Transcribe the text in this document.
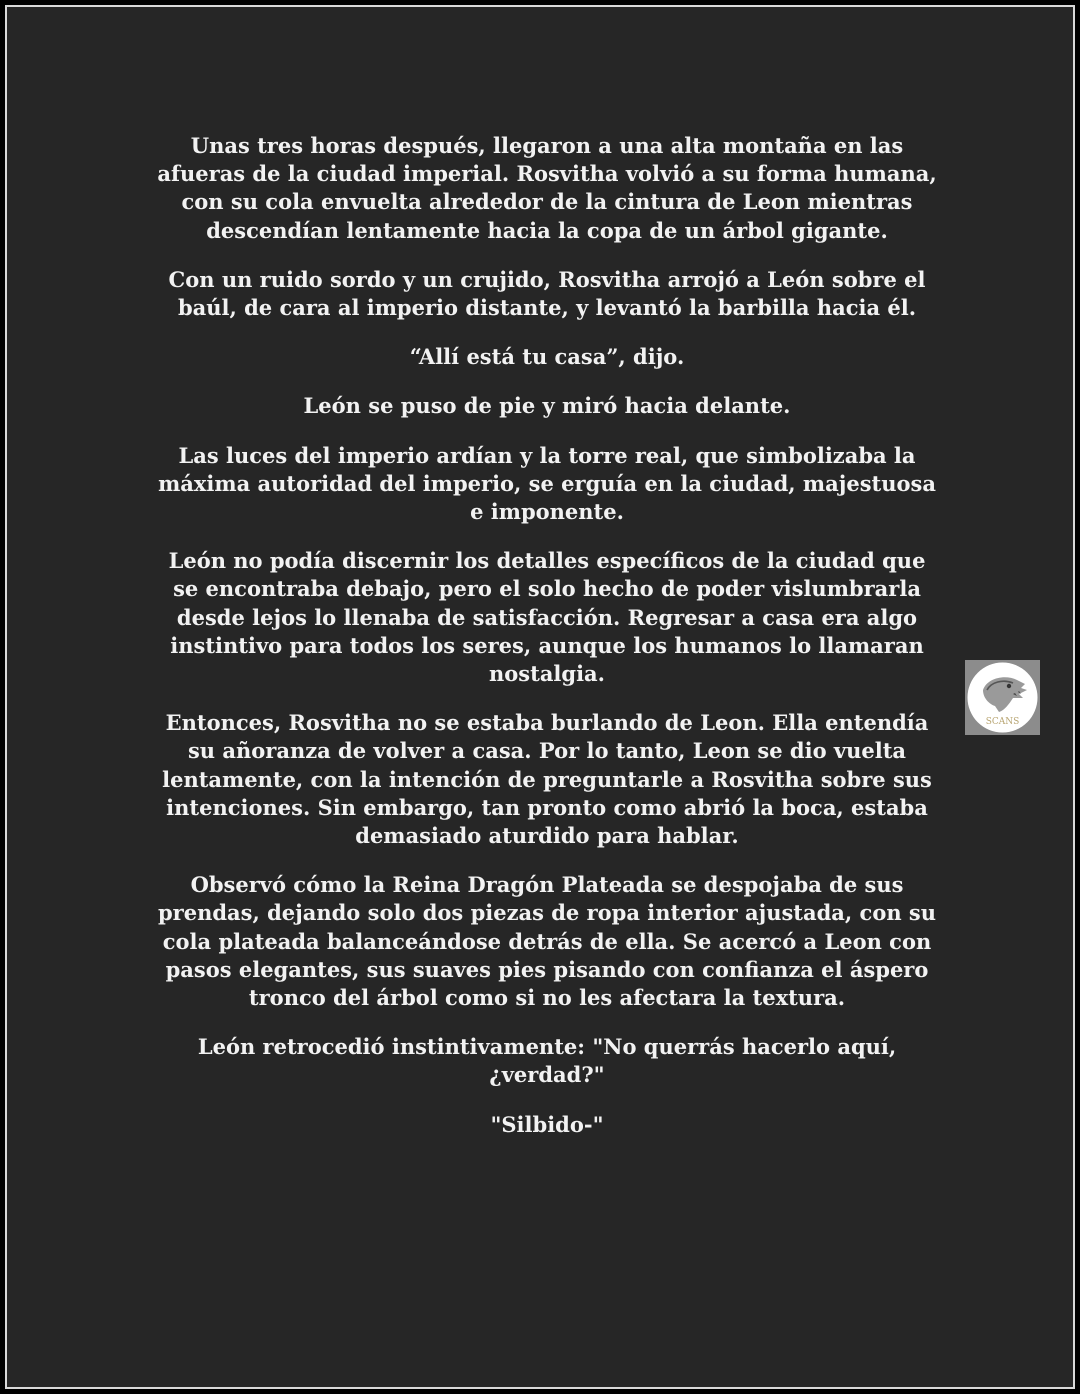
Unas tres horas después, llegaron a una alta montaña en las afueras de la ciudad imperial. Rosvitha volvió a su forma humana, con su cola envuelta alrededor de la cintura de Leon mientras descendían lentamente hacia la copa de un árbol gigante.

Con un ruido sordo y un crujido, Rosvitha arrojó a León sobre el baúl, de cara al imperio distante, y levantó la barbilla hacia él.

“Allí está tu casa”, dijo.

León se puso de pie y miró hacia delante.

Las luces del imperio ardían y la torre real, que simbolizaba la máxima autoridad del imperio, se erguía en la ciudad, majestuosa e imponente.

León no podía discernir los detalles específicos de la ciudad que se encontraba debajo, pero el solo hecho de poder vislumbrarla desde lejos lo llenaba de satisfacción. Regresar a casa era algo instintivo para todos los seres, aunque los humanos lo llamaran nostalgia.

Entonces, Rosvitha no se estaba burlando de Leon. Ella entendía su añoranza de volver a casa. Por lo tanto, Leon se dio vuelta lentamente, con la intención de preguntarle a Rosvitha sobre sus intenciones. Sin embargo, tan pronto como abrió la boca, estaba demasiado aturdido para hablar.

Observó cómo la Reina Dragón Plateada se despojaba de sus prendas, dejando solo dos piezas de ropa interior ajustada, con su cola plateada balanceándose detrás de ella. Se acercó a Leon con pasos elegantes, sus suaves pies pisando con confianza el áspero tronco del árbol como si no les afectara la textura.

León retrocedió instintivamente: "No querrás hacerlo aquí, ¿verdad?"

"Silbido-"

SCANS
